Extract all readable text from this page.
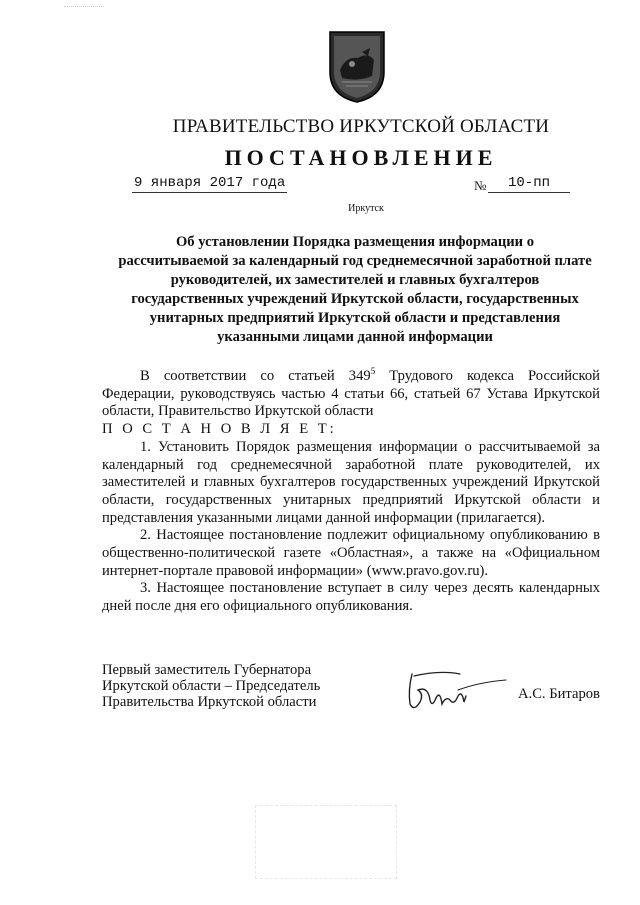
ПРАВИТЕЛЬСТВО ИРКУТСКОЙ ОБЛАСТИ
ПОСТАНОВЛЕНИЕ
9 января 2017 года	№	10-пп
Иркутск
Об установлении Порядка размещения информации о
рассчитываемой за календарный год среднемесячной заработной плате
руководителей, их заместителей и главных бухгалтеров
государственных учреждений Иркутской области, государственных
унитарных предприятий Иркутской области и представления
указанными лицами данной информации

В соответствии со статьей $349^5$ Трудового кодекса Российской Федерации, руководствуясь частью 4 статьи 66, статьей 67 Устава Иркутской области, Правительство Иркутской области

П О С Т А Н О В Л Я Е Т:

1. Установить Порядок размещения информации о рассчитываемой за календарный год среднемесячной заработной плате руководителей, их заместителей и главных бухгалтеров государственных учреждений Иркутской области, государственных унитарных предприятий Иркутской области и представления указанными лицами данной информации (прилагается).

2. Настоящее постановление подлежит официальному опубликованию в общественно-политической газете «Областная», а также на «Официальном интернет-портале правовой информации» (www.pravo.gov.ru).

3. Настоящее постановление вступает в силу через десять календарных дней после дня его официального опубликования.

Первый заместитель Губернатора
Иркутской области – Председатель
Правительства Иркутской области	А.С. Битаров
